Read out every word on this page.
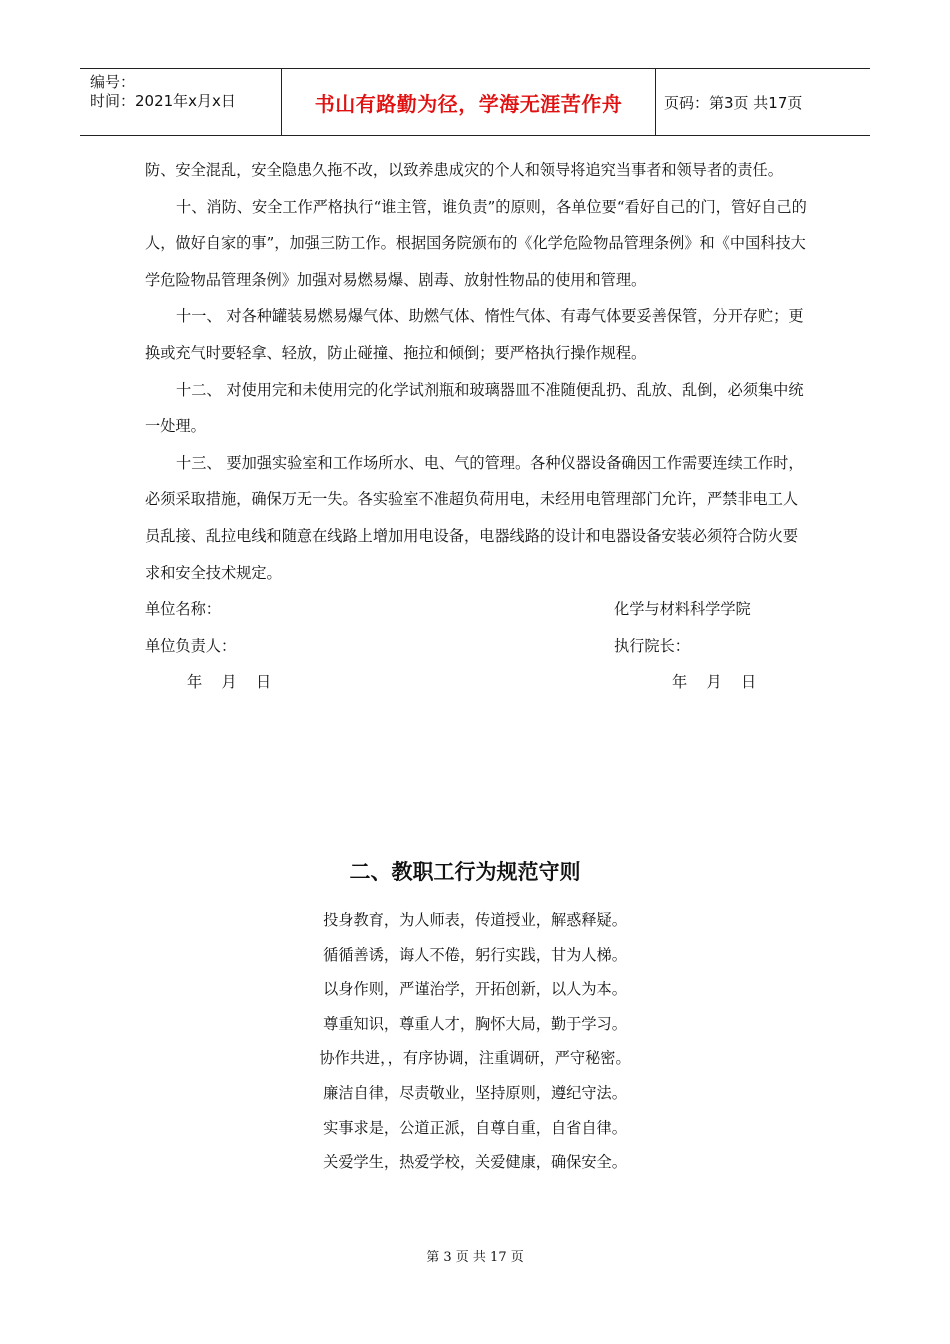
编号：
时间：2021年x月x日	书山有路勤为径，学海无涯苦作舟	页码：第3页 共17页

防、安全混乱，安全隐患久拖不改，以致养患成灾的个人和领导将追究当事者和领导者的责任。

十、消防、安全工作严格执行“谁主管，谁负责”的原则，各单位要“看好自己的门，管好自己的人，做好自家的事”，加强三防工作。根据国务院颁布的《化学危险物品管理条例》和《中国科技大学危险物品管理条例》加强对易燃易爆、剧毒、放射性物品的使用和管理。

十一、 对各种罐装易燃易爆气体、助燃气体、惰性气体、有毒气体要妥善保管，分开存贮；更换或充气时要轻拿、轻放，防止碰撞、拖拉和倾倒；要严格执行操作规程。

十二、 对使用完和未使用完的化学试剂瓶和玻璃器皿不准随便乱扔、乱放、乱倒，必须集中统一处理。

十三、 要加强实验室和工作场所水、电、气的管理。各种仪器设备确因工作需要连续工作时，必须采取措施，确保万无一失。各实验室不准超负荷用电，未经用电管理部门允许，严禁非电工人员乱接、乱拉电线和随意在线路上增加用电设备，电器线路的设计和电器设备安装必须符合防火要求和安全技术规定。

单位名称：	化学与材料科学学院
单位负责人：	执行院长：
年    月    日	年    月    日
二、教职工行为规范守则
投身教育，为人师表，传道授业，解惑释疑。
循循善诱，诲人不倦，躬行实践，甘为人梯。
以身作则，严谨治学，开拓创新，以人为本。
尊重知识，尊重人才，胸怀大局，勤于学习。
协作共进，，有序协调，注重调研，严守秘密。
廉洁自律，尽责敬业，坚持原则，遵纪守法。
实事求是，公道正派，自尊自重，自省自律。
关爱学生，热爱学校，关爱健康，确保安全。
第 3 页 共 17 页
